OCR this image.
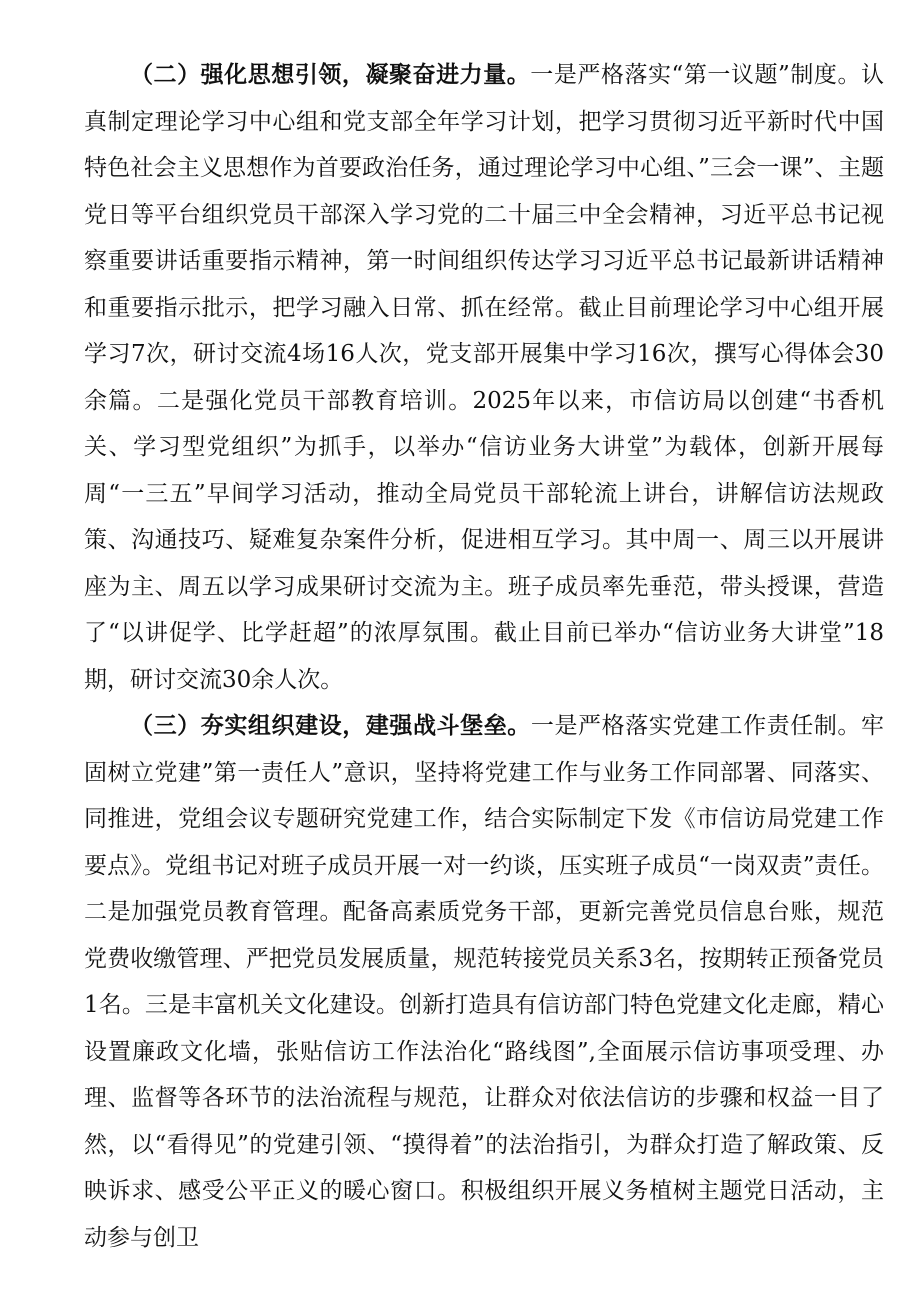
（二）强化思想引领，凝聚奋进力量。一是严格落实“第一议题”制度。认真制定理论学习中心组和党支部全年学习计划，把学习贯彻习近平新时代中国特色社会主义思想作为首要政治任务，通过理论学习中心组、”三会一课”、主题党日等平台组织党员干部深入学习党的二十届三中全会精神，习近平总书记视察重要讲话重要指示精神，第一时间组织传达学习习近平总书记最新讲话精神和重要指示批示，把学习融入日常、抓在经常。截止目前理论学习中心组开展学习7次，研讨交流4场16人次，党支部开展集中学习16次，撰写心得体会30余篇。二是强化党员干部教育培训。2025年以来，市信访局以创建“书香机关、学习型党组织”为抓手，以举办“信访业务大讲堂”为载体，创新开展每周“一三五”早间学习活动，推动全局党员干部轮流上讲台，讲解信访法规政策、沟通技巧、疑难复杂案件分析，促进相互学习。其中周一、周三以开展讲座为主、周五以学习成果研讨交流为主。班子成员率先垂范，带头授课，营造了“以讲促学、比学赶超”的浓厚氛围。截止目前已举办“信访业务大讲堂”18期，研讨交流30余人次。

（三）夯实组织建设，建强战斗堡垒。一是严格落实党建工作责任制。牢固树立党建”第一责任人”意识，坚持将党建工作与业务工作同部署、同落实、同推进，党组会议专题研究党建工作，结合实际制定下发《市信访局党建工作要点》。党组书记对班子成员开展一对一约谈，压实班子成员“一岗双责”责任。二是加强党员教育管理。配备高素质党务干部，更新完善党员信息台账，规范党费收缴管理、严把党员发展质量，规范转接党员关系3名，按期转正预备党员1名。三是丰富机关文化建设。创新打造具有信访部门特色党建文化走廊，精心设置廉政文化墙，张贴信访工作法治化“路线图”,全面展示信访事项受理、办理、监督等各环节的法治流程与规范，让群众对依法信访的步骤和权益一目了然，以“看得见”的党建引领、“摸得着”的法治指引，为群众打造了解政策、反映诉求、感受公平正义的暖心窗口。积极组织开展义务植树主题党日活动，主动参与创卫
